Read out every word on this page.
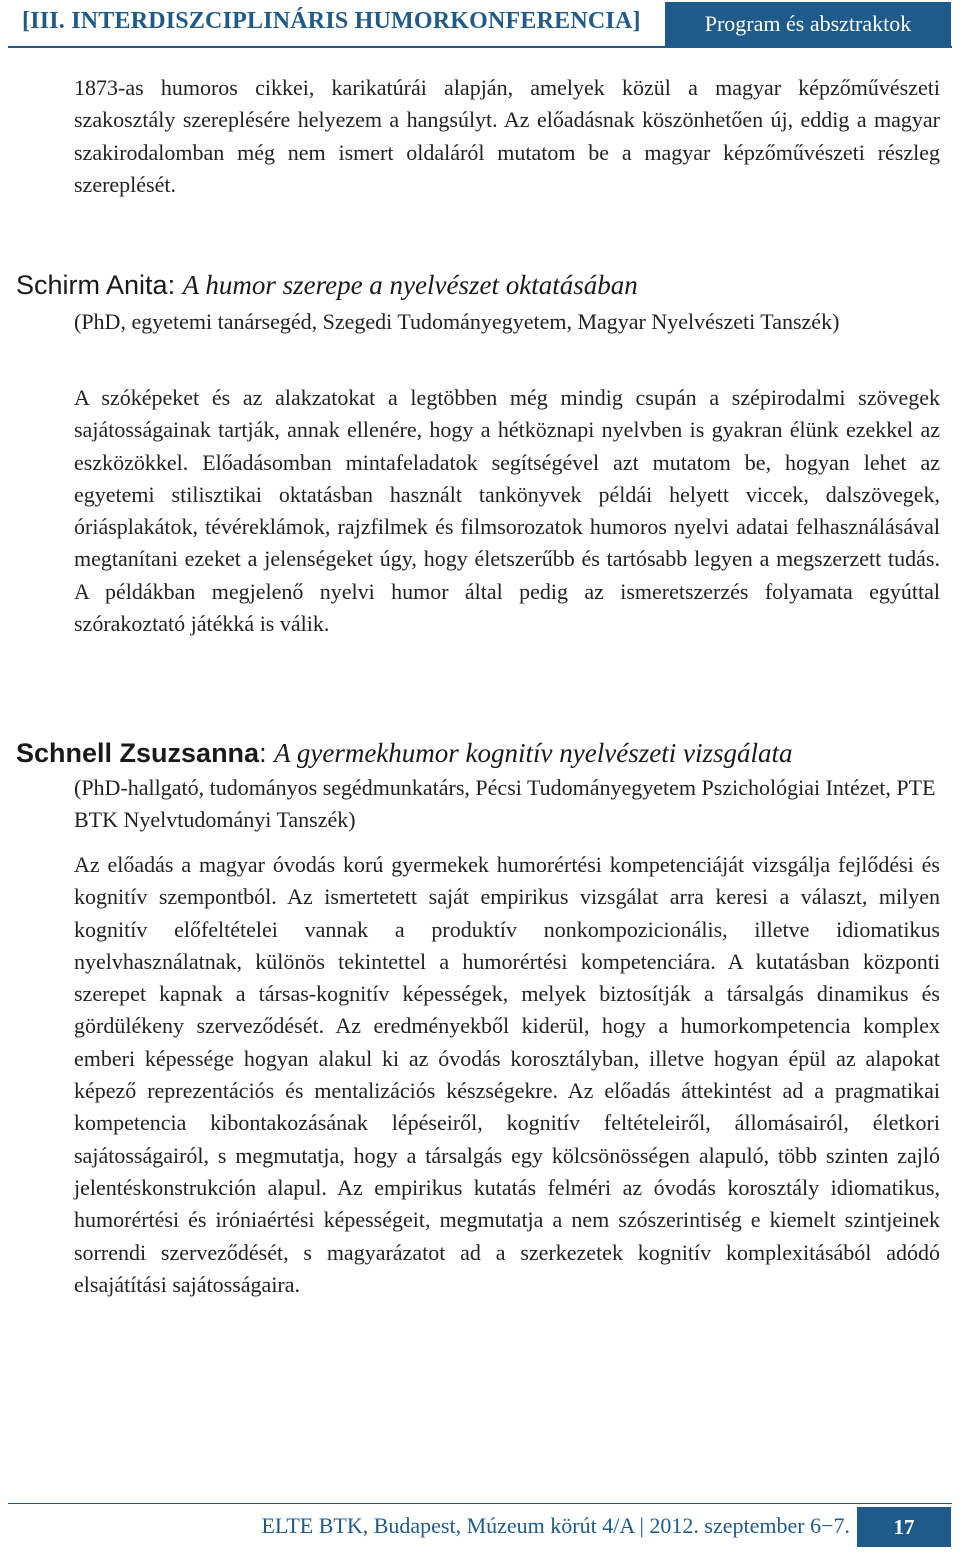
[III. INTERDISZCIPLINÁRIS HUMORKONFERENCIA]	Program és absztraktok

1873-as humoros cikkei, karikatúrái alapján, amelyek közül a magyar képzőművészeti szakosztály szereplésére helyezem a hangsúlyt. Az előadásnak köszönhetően új, eddig a magyar szakirodalomban még nem ismert oldaláról mutatom be a magyar képzőművészeti részleg szereplését.

Schirm Anita: A humor szerepe a nyelvészet oktatásában

(PhD, egyetemi tanársegéd, Szegedi Tudományegyetem, Magyar Nyelvészeti Tanszék)

A szóképeket és az alakzatokat a legtöbben még mindig csupán a szépirodalmi szövegek sajátosságainak tartják, annak ellenére, hogy a hétköznapi nyelvben is gyakran élünk ezekkel az eszközökkel. Előadásomban mintafeladatok segítségével azt mutatom be, hogyan lehet az egyetemi stilisztikai oktatásban használt tankönyvek példái helyett viccek, dalszövegek, óriásplakátok, tévéreklámok, rajzfilmek és filmsorozatok humoros nyelvi adatai felhasználásával megtanítani ezeket a jelenségeket úgy, hogy életszerűbb és tartósabb legyen a megszerzett tudás. A példákban megjelenő nyelvi humor által pedig az ismeretszerzés folyamata egyúttal szórakoztató játékká is válik.

Schnell Zsuzsanna: A gyermekhumor kognitív nyelvészeti vizsgálata

(PhD-hallgató, tudományos segédmunkatárs, Pécsi Tudományegyetem Pszichológiai Intézet, PTE BTK Nyelvtudományi Tanszék)

Az előadás a magyar óvodás korú gyermekek humorértési kompetenciáját vizsgálja fejlődési és kognitív szempontból. Az ismertetett saját empirikus vizsgálat arra keresi a választ, milyen kognitív előfeltételei vannak a produktív nonkompozicionális, illetve idiomatikus nyelvhasználatnak, különös tekintettel a humorértési kompetenciára. A kutatásban központi szerepet kapnak a társas-kognitív képességek, melyek biztosítják a társalgás dinamikus és gördülékeny szerveződését. Az eredményekből kiderül, hogy a humorkompetencia komplex emberi képessége hogyan alakul ki az óvodás korosztályban, illetve hogyan épül az alapokat képező reprezentációs és mentalizációs készségekre. Az előadás áttekintést ad a pragmatikai kompetencia kibontakozásának lépéseiről, kognitív feltételeiről, állomásairól, életkori sajátosságairól, s megmutatja, hogy a társalgás egy kölcsönösségen alapuló, több szinten zajló jelentéskonstrukción alapul. Az empirikus kutatás felméri az óvodás korosztály idiomatikus, humorértési és iróniaértési képességeit, megmutatja a nem szószerintiség e kiemelt szintjeinek sorrendi szerveződését, s magyarázatot ad a szerkezetek kognitív komplexitásából adódó elsajátítási sajátosságaira.

ELTE BTK, Budapest, Múzeum körút 4/A | 2012. szeptember 6−7.	17
